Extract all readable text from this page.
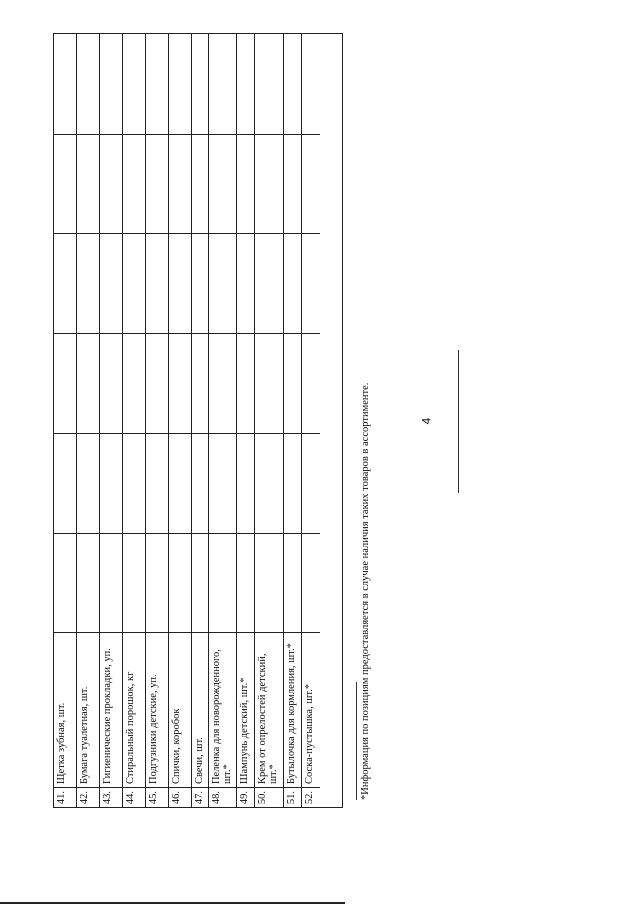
4
41.
Щетка зубная, шт.
42.
Бумага туалетная, шт.
43.
Гигиенические прокладки, уп.
44.
Стиральный порошок, кг
45.
Подгузники детские, уп.
46.
Спички, коробок
47.
Свечи, шт.
48.
Пеленка для новорожденного, шт.*
49.
Шампунь детский, шт.*
50.
Крем от опрелостей детский, шт.*
51.
Бутылочка для кормления, шт.*
52.
Соска-пустышка, шт.*	*Информация по позициям предоставляется в случае наличия таких товаров в ассортименте.
